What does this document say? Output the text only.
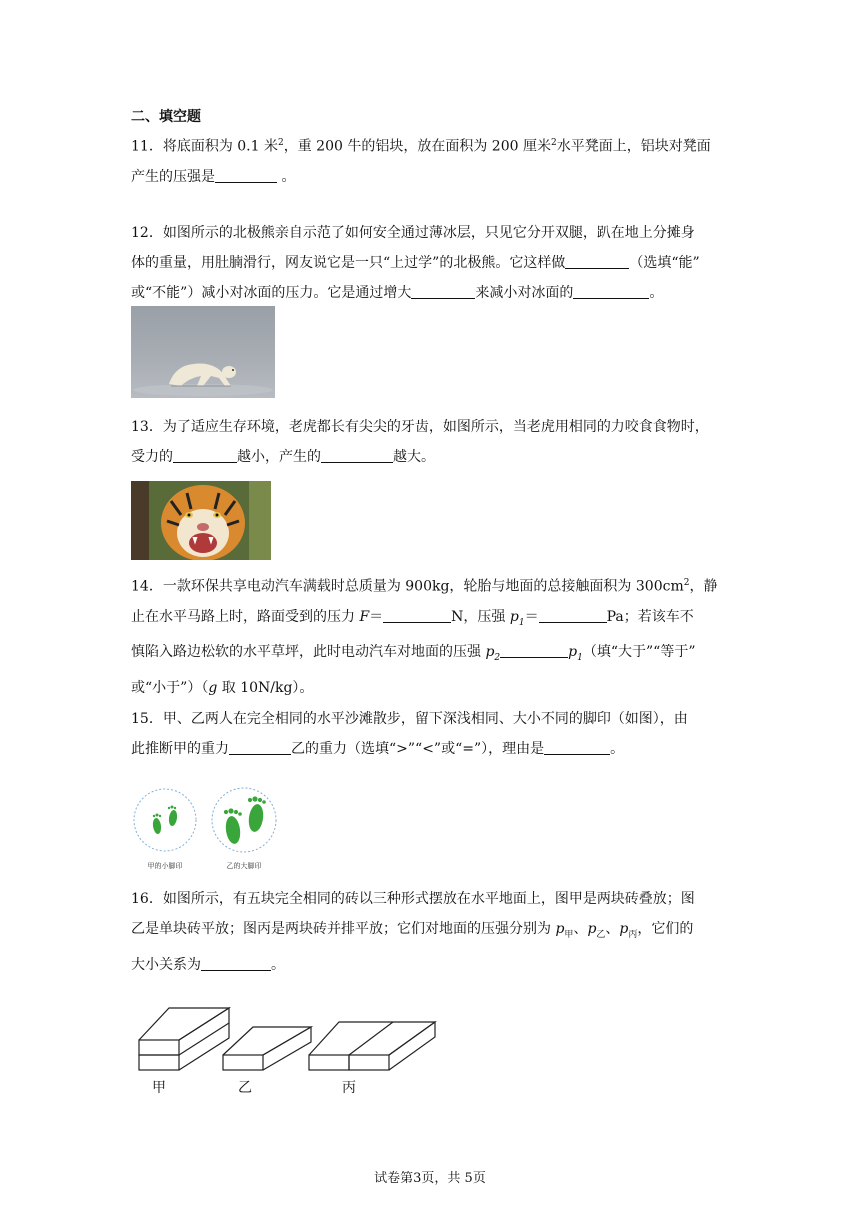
二、填空题
11．将底面积为 0.1 米$^2$，重 200 牛的铝块，放在面积为 200 厘米$^2$水平凳面上，铝块对凳面
产生的压强是	。
12．如图所示的北极熊亲自示范了如何安全通过薄冰层，只见它分开双腿，趴在地上分摊身
体的重量，用肚腩滑行，网友说它是一只“上过学”的北极熊。它这样做	（选填“能”
或“不能”）减小对冰面的压力。它是通过增大	来减小对冰面的	。
13．为了适应生存环境，老虎都长有尖尖的牙齿，如图所示，当老虎用相同的力咬食食物时，
受力的	越小，产生的	越大。
14．一款环保共享电动汽车满载时总质量为 900kg，轮胎与地面的总接触面积为 $300cm^2$，静
止在水平马路上时，路面受到的压力 F＝	N，压强 $p_1=$	Pa；若该车不
慎陷入路边松软的水平草坪，此时电动汽车对地面的压强 $p_2$	$p_1$（填“大于”“等于”
或“小于”）（g 取 10N/kg）。
15．甲、乙两人在完全相同的水平沙滩散步，留下深浅相同、大小不同的脚印（如图），由
此推断甲的重力	乙的重力（选填“>”“<”或“=”），理由是	。
甲的小脚印	乙的大脚印
16．如图所示，有五块完全相同的砖以三种形式摆放在水平地面上，图甲是两块砖叠放；图
乙是单块砖平放；图丙是两块砖并排平放；它们对地面的压强分别为 $p_甲$、$p_乙$、$p_丙$，它们的
大小关系为	。
甲	乙	丙
试卷第3页，共 5页
